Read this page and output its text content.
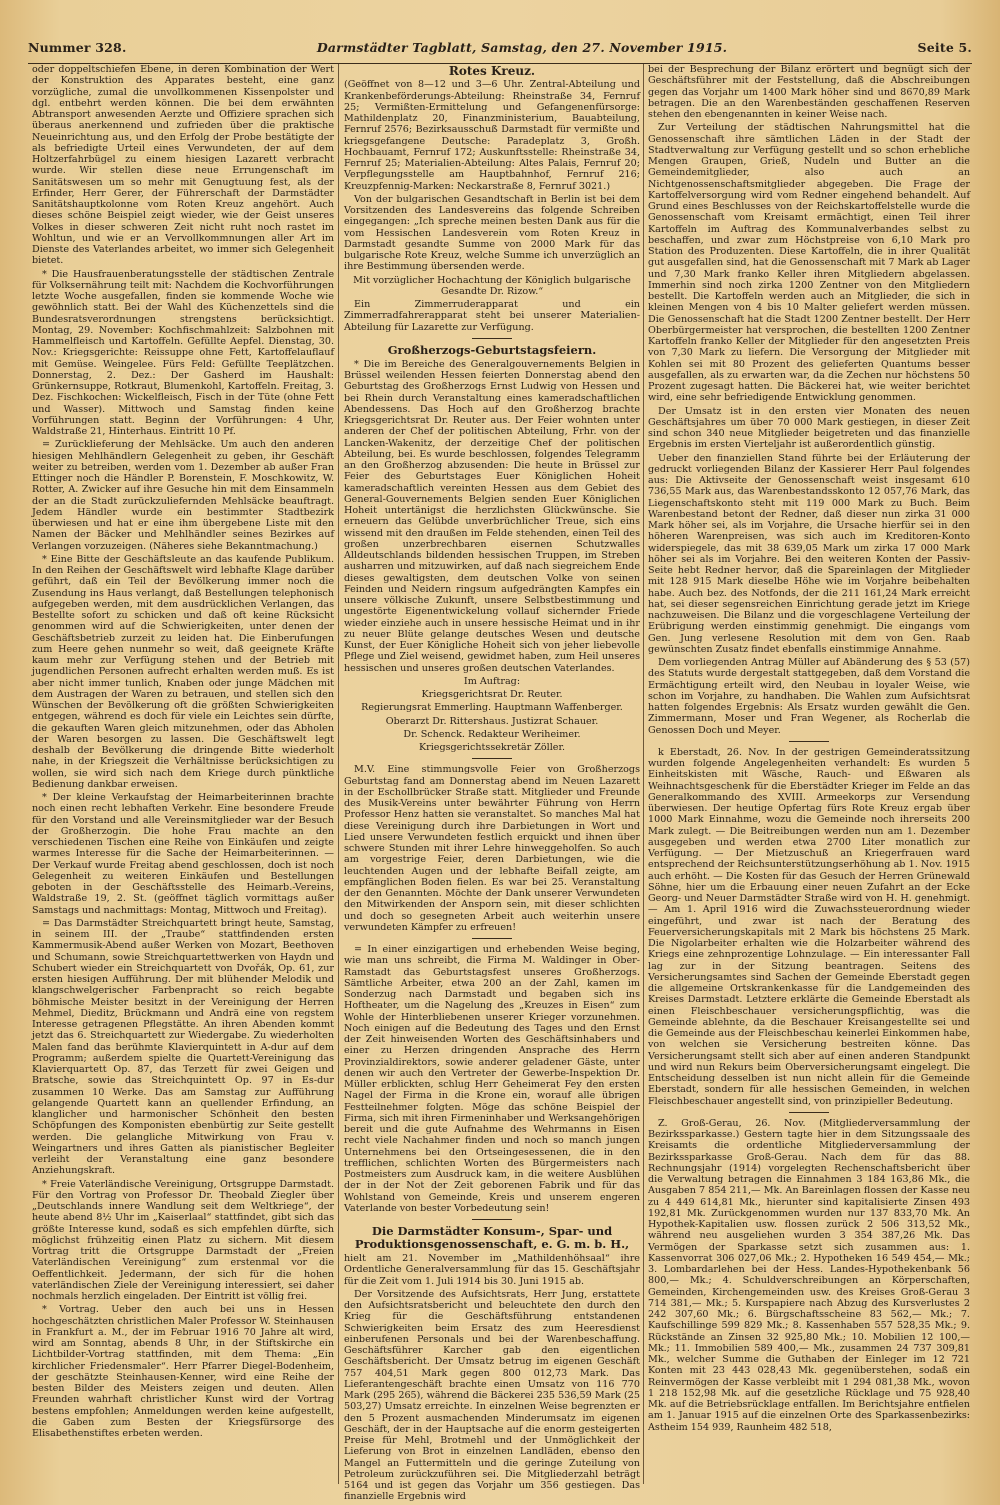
Nummer 328.	Darmstädter Tagblatt, Samstag, den 27. November 1915.	Seite 5.

oder doppeltschiefen Ebene, in deren Kombination der Wert der Konstruktion des Apparates besteht, eine ganz vorzügliche, zumal die unvollkommenen Kissenpolster und dgl. entbehrt werden können. Die bei dem erwähnten Abtransport anwesenden Aerzte und Offiziere sprachen sich überaus anerkennend und zufrieden über die praktische Neueinrichtung aus, und den Erfolg der Probe bestätigte der als befriedigte Urteil eines Verwundeten, der auf dem Holtzerfahrbügel zu einem hiesigen Lazarett verbracht wurde. Wir stellen diese neue Errungenschaft im Sanitätswesen um so mehr mit Genugtuung fest, als der Erfinder, Herr Gerer, der Führerschaft der Darmstädter Sanitätshauptkolonne vom Roten Kreuz angehört. Auch dieses schöne Beispiel zeigt wieder, wie der Geist unseres Volkes in dieser schweren Zeit nicht ruht noch rastet im Wohltun, und wie er an Vervollkommnungen aller Art im Dienste des Vaterlandes arbeitet, wo immer sich Gelegenheit bietet.

* Die Hausfrauenberatungsstelle der städtischen Zentrale für Volksernährung teilt mit: Nachdem die Kochvorführungen letzte Woche ausgefallen, finden sie kommende Woche wie gewöhnlich statt. Bei der Wahl des Küchenzettels sind die Bundesratsverordnungen strengstens berücksichtigt. Montag, 29. November: Kochfischmahlzeit: Salzbohnen mit Hammelfleisch und Kartoffeln. Gefüllte Aepfel. Dienstag, 30. Nov.: Kriegsgerichte: Reissuppe ohne Fett, Kartoffelauflauf mit Gemüse. Weingelee. Fürs Feld: Gefüllte Teeplätzchen. Donnerstag, 2. Dez.: Der Gasherd im Haushalt: Grünkernsuppe, Rotkraut, Blumenkohl, Kartoffeln. Freitag, 3. Dez. Fischkochen: Wickelfleisch, Fisch in der Tüte (ohne Fett und Wasser). Mittwoch und Samstag finden keine Vorführungen statt. Beginn der Vorführungen: 4 Uhr, Waldstraße 21, Hinterhaus. Eintritt 10 Pf.

= Zurücklieferung der Mehlsäcke. Um auch den anderen hiesigen Mehlhändlern Gelegenheit zu geben, ihr Geschäft weiter zu betreiben, werden vom 1. Dezember ab außer Fran Ettinger noch die Händler P. Borenstein, F. Moschkowitz, W. Rotter, A. Zwicker auf ihre Gesuche hin mit dem Einsammeln der an die Stadt zurückzuliefernden Mehlsäcke beauftragt. Jedem Händler wurde ein bestimmter Stadtbezirk überwiesen und hat er eine ihm übergebene Liste mit den Namen der Bäcker und Mehlhändler seines Bezirkes auf Verlangen vorzuzeigen. (Näheres siehe Bekanntmachung.)

* Eine Bitte der Geschäftsleute an das kaufende Publikum. In den Reihen der Geschäftswelt wird lebhafte Klage darüber geführt, daß ein Teil der Bevölkerung immer noch die Zusendung ins Haus verlangt, daß Bestellungen telephonisch aufgegeben werden, mit dem ausdrücklichen Verlangen, das Bestellte sofort zu schicken und daß oft keine Rücksicht genommen wird auf die Schwierigkeiten, unter denen der Geschäftsbetrieb zurzeit zu leiden hat. Die Einberufungen zum Heere gehen nunmehr so weit, daß geeignete Kräfte kaum mehr zur Verfügung stehen und der Betrieb mit jugendlichen Personen aufrecht erhalten werden muß. Es ist aber nicht immer tunlich, Knaben oder junge Mädchen mit dem Austragen der Waren zu betrauen, und stellen sich den Wünschen der Bevölkerung oft die größten Schwierigkeiten entgegen, während es doch für viele ein Leichtes sein dürfte, die gekauften Waren gleich mitzunehmen, oder das Abholen der Waren besorgen zu lassen. Die Geschäftswelt legt deshalb der Bevölkerung die dringende Bitte wiederholt nahe, in der Kriegszeit die Verhältnisse berücksichtigen zu wollen, sie wird sich nach dem Kriege durch pünktliche Bedienung dankbar erweisen.

* Der kleine Verkaufstag der Heimarbeiterinnen brachte noch einen recht lebhaften Verkehr. Eine besondere Freude für den Vorstand und alle Vereinsmitglieder war der Besuch der Großherzogin. Die hohe Frau machte an den verschiedenen Tischen eine Reihe von Einkäufen und zeigte warmes Interesse für die Sache der Heimarbeiterinnen. — Der Verkauf wurde Freitag abend geschlossen, doch ist noch Gelegenheit zu weiteren Einkäufen und Bestellungen geboten in der Geschäftsstelle des Heimarb.-Vereins, Waldstraße 19, 2. St. (geöffnet täglich vormittags außer Samstags und nachmittags: Montag, Mittwoch und Freitag).

= Das Darmstädter Streichquartett bringt heute, Samstag, in seinem III. der „Traube“ stattfindenden ersten Kammermusik-Abend außer Werken von Mozart, Beethoven und Schumann, sowie Streichquartettwerken von Haydn und Schubert wieder ein Streichquartett von Dvořák, Op. 61, zur ersten hiesigen Aufführung. Der mit blühender Melodik und klangschwelgerischer Farbenpracht so reich begabte böhmische Meister besitzt in der Vereinigung der Herren Mehmel, Dieditz, Brückmann und Andrä eine von regstem Interesse getragenen Pflegstätte. An ihren Abenden kommt jetzt das 6. Streichquartett zur Wiedergabe. Zu wiederholten Malen fand das berühmte Klavierquintett in A-dur auf dem Programm; außerdem spielte die Quartett-Vereinigung das Klavierquartett Op. 87, das Terzett für zwei Geigen und Bratsche, sowie das Streichquintett Op. 97 in Es-dur zusammen 10 Werke. Das am Samstag zur Aufführung gelangende Quartett kann an quellender Erfindung, an klanglicher und harmonischer Schönheit den besten Schöpfungen des Komponisten ebenbürtig zur Seite gestellt werden. Die gelangliche Mitwirkung von Frau v. Weingartners und ihres Gatten als pianistischer Begleiter verleiht der Veranstaltung eine ganz besondere Anziehungskraft.

* Freie Vaterländische Vereinigung, Ortsgruppe Darmstadt. Für den Vortrag von Professor Dr. Theobald Ziegler über „Deutschlands innere Wandlung seit dem Weltkriege“, der heute abend 8½ Uhr im „Kaiserlaal“ stattfindet, gibt sich das größte Interesse kund, sodaß es sich empfehlen dürfte, sich möglichst frühzeitig einen Platz zu sichern. Mit diesem Vortrag tritt die Ortsgruppe Darmstadt der „Freien Vaterländischen Vereinigung“ zum erstenmal vor die Oeffentlichkeit. Jedermann, der sich für die hohen vaterländischen Ziele der Vereinigung interessiert, sei daher nochmals herzlich eingeladen. Der Eintritt ist völlig frei.

* Vortrag. Ueber den auch bei uns in Hessen hochgeschätzten christlichen Maler Professor W. Steinhausen in Frankfurt a. M., der im Februar 1916 70 Jahre alt wird, wird am Sonntag, abends 8 Uhr, in der Stiftskirche ein Lichtbilder-Vortrag stattfinden, mit dem Thema: „Ein kirchlicher Friedensmaler“. Herr Pfarrer Diegel-Bodenheim, der geschätzte Steinhausen-Kenner, wird eine Reihe der besten Bilder des Meisters zeigen und deuten. Allen Freunden wahrhaft christlicher Kunst wird der Vortrag bestens empfohlen; Anmeldungen werden keine aufgestellt, die Gaben zum Besten der Kriegsfürsorge des Elisabethenstiftes erbeten werden.

Rotes Kreuz.

(Geöffnet von 8—12 und 3—6 Uhr. Zentral-Abteilung und Krankenbeförderungs-Abteilung: Rheinstraße 34, Fernruf 25; Vermißten-Ermittelung und Gefangenenfürsorge: Mathildenplatz 20, Finanzministerium, Bauabteilung, Fernruf 2576; Bezirksausschuß Darmstadt für vermißte und kriegsgefangene Deutsche: Paradeplatz 3, Großh. Hochbauamt, Fernruf 172; Auskunftsstelle: Rheinstraße 34, Fernruf 25; Materialien-Abteilung: Altes Palais, Fernruf 20; Verpflegungsstelle am Hauptbahnhof, Fernruf 216; Kreuzpfennig-Marken: Neckarstraße 8, Fernruf 3021.)

Von der bulgarischen Gesandtschaft in Berlin ist bei dem Vorsitzenden des Landesvereins das folgende Schreiben eingegangen: „Ich spreche meinen besten Dank aus für die vom Hessischen Landesverein vom Roten Kreuz in Darmstadt gesandte Summe von 2000 Mark für das bulgarische Rote Kreuz, welche Summe ich unverzüglich an ihre Bestimmung übersenden werde.

Mit vorzüglicher Hochachtung der Königlich bulgarische Gesandte Dr. Rizow.“

Ein Zimmerruderapparat und ein Zimmerradfahrerapparat steht bei unserer Materialien-Abteilung für Lazarette zur Verfügung.

Großherzogs-Geburtstagsfeiern.

* Die im Bereiche des Generalgouvernements Belgien in Brüssel weilenden Hessen feierten Donnerstag abend den Geburtstag des Großherzogs Ernst Ludwig von Hessen und bei Rhein durch Veranstaltung eines kameradschaftlichen Abendessens. Das Hoch auf den Großherzog brachte Kriegsgerichtsrat Dr. Reuter aus. Der Feier wohnten unter anderen der Chef der politischen Abteilung, Frhr. von der Lancken-Wakenitz, der derzeitige Chef der politischen Abteilung, bei. Es wurde beschlossen, folgendes Telegramm an den Großherzog abzusenden: Die heute in Brüssel zur Feier des Geburtstages Euer Königlichen Hoheit kameradschaftlich vereinten Hessen aus dem Gebiet des General-Gouvernements Belgien senden Euer Königlichen Hoheit untertänigst die herzlichsten Glückwünsche. Sie erneuern das Gelübde unverbrüchlicher Treue, sich eins wissend mit den draußen im Felde stehenden, einen Teil des großen unzerbrechbaren eisernen Schutzwalles Alldeutschlands bildenden hessischen Truppen, im Streben ausharren und mitzuwirken, auf daß nach siegreichem Ende dieses gewaltigsten, dem deutschen Volke von seinen Feinden und Neidern ringsum aufgedrängten Kampfes ein unsere völkische Zukunft, unsere Selbstbestimmung und ungestörte Eigenentwickelung vollauf sichernder Friede wieder einziehe auch in unsere hessische Heimat und in ihr zu neuer Blüte gelange deutsches Wesen und deutsche Kunst, der Euer Königliche Hoheit sich von jeher liebevolle Pflege und Ziel weisend, gewidmet haben, zum Heil unseres hessischen und unseres großen deutschen Vaterlandes.

Im Auftrag:

Kriegsgerichtsrat Dr. Reuter.

Regierungsrat Emmerling. Hauptmann Waffenberger.

Oberarzt Dr. Rittershaus. Justizrat Schauer.

Dr. Schenck. Redakteur Weriheimer.

Kriegsgerichtssekretär Zöller.

M.V. Eine stimmungsvolle Feier von Großherzogs Geburtstag fand am Donnerstag abend im Neuen Lazarett in der Eschollbrücker Straße statt. Mitglieder und Freunde des Musik-Vereins unter bewährter Führung von Herrn Professor Henz hatten sie veranstaltet. So manches Mal hat diese Vereinigung durch ihre Darbietungen in Wort und Lied unsere Verwundeten festlich erquickt und ihnen über schwere Stunden mit ihrer Lehre hinweggeholfen. So auch am vorgestrige Feier, deren Darbietungen, wie die leuchtenden Augen und der lebhafte Beifall zeigte, am empfänglichen Boden fielen. Es war bei 25. Veranstaltung der den Genannten. Möchte der Dank unserer Verwundeten den Mitwirkenden der Ansporn sein, mit dieser schlichten und doch so gesegneten Arbeit auch weiterhin unsere verwundeten Kämpfer zu erfreuen!

= In einer einzigartigen und erhebenden Weise beging, wie man uns schreibt, die Firma M. Waldinger in Ober-Ramstadt das Geburtstagsfest unseres Großherzogs. Sämtliche Arbeiter, etwa 200 an der Zahl, kamen im Sonderzug nach Darmstadt und begaben sich ins Hoftheater, um die Nagelung des „Kreuzes in Eisen“ zum Wohle der Hinterbliebenen unserer Krieger vorzunehmen. Noch einigen auf die Bedeutung des Tages und den Ernst der Zeit hinweisenden Worten des Geschäftsinhabers und einer zu Herzen dringenden Ansprache des Herrn Provinzialdirektors, sowie anderer geladener Gäste, unter denen wir auch den Vertreter der Gewerbe-Inspektion Dr. Müller erblickten, schlug Herr Geheimerat Fey den ersten Nagel der Firma in die Krone ein, worauf alle übrigen Festteilnehmer folgten. Möge das schöne Beispiel der Firma, sich mit ihren Firmeninhaber und Werksangehörigen bereit und die gute Aufnahme des Wehrmanns in Eisen recht viele Nachahmer finden und noch so manch jungen Unternehmens bei den Ortseingesessenen, die in den trefflichen, schlichten Worten des Bürgermeisters nach Postmeisters zum Ausdruck kam, in die weitere Ausblühen der in der Not der Zeit geborenen Fabrik und für das Wohlstand von Gemeinde, Kreis und unserem engeren Vaterlande von bester Vorbedeutung sein!

Die Darmstädter Konsum-, Spar- und Produktionsgenossenschaft, e. G. m. b. H.,

hielt am 21. November im „Mathildenhöhsaal“ ihre Ordentliche Generalversammlung für das 15. Geschäftsjahr für die Zeit vom 1. Juli 1914 bis 30. Juni 1915 ab.

Der Vorsitzende des Aufsichtsrats, Herr Jung, erstattete den Aufsichtsratsbericht und beleuchtete den durch den Krieg für die Geschäftsführung entstandenen Schwierigkeiten beim Ersatz des zum Heeresdienst einberufenen Personals und bei der Warenbeschaffung. Geschäftsführer Karcher gab den eigentlichen Geschäftsbericht. Der Umsatz betrug im eigenen Geschäft 757 404,51 Mark gegen 800 012,73 Mark. Das Lieferantengeschäft brachte einen Umsatz von 116 770 Mark (295 265), während die Bäckerei 235 536,59 Mark (25 503,27) Umsatz erreichte. In einzelnen Weise begrenzten er den 5 Prozent ausmachenden Minderumsatz im eigenen Geschäft, der in der Hauptsache auf die enorm gesteigerten Preise für Mehl, Brotmehl und der Unmöglichkeit der Lieferung von Brot in einzelnen Landläden, ebenso den Mangel an Futtermitteln und die geringe Zuteilung von Petroleum zurückzuführen sei. Die Mitgliederzahl beträgt 5164 und ist gegen das Vorjahr um 356 gestiegen. Das finanzielle Ergebnis wird

bei der Besprechung der Bilanz erörtert und begnügt sich der Geschäftsführer mit der Feststellung, daß die Abschreibungen gegen das Vorjahr um 1400 Mark höher sind und 8670,89 Mark betragen. Die an den Warenbeständen geschaffenen Reserven stehen den ebengenannten in keiner Weise nach.

Zur Verteilung der städtischen Nahrungsmittel hat die Genossenschaft ihre sämtlichen Läden in der Stadt der Stadtverwaltung zur Verfügung gestellt und so schon erhebliche Mengen Graupen, Grieß, Nudeln und Butter an die Gemeindemitglieder, also auch an Nichtgenossenschaftsmitglieder abgegeben. Die Frage der Kartoffelversorgung wird vom Redner eingehend behandelt. Auf Grund eines Beschlusses von der Reichskartoffelstelle wurde die Genossenschaft vom Kreisamt ermächtigt, einen Teil ihrer Kartoffeln im Auftrag des Kommunalverbandes selbst zu beschaffen, und zwar zum Höchstpreise von 6,10 Mark pro Station des Produzenten. Diese Kartoffeln, die in ihrer Qualität gut ausgefallen sind, hat die Genossenschaft mit 7 Mark ab Lager und 7,30 Mark franko Keller ihren Mitgliedern abgelassen. Immerhin sind noch zirka 1200 Zentner von den Mitgliedern bestellt. Die Kartoffeln werden auch an Mitglieder, die sich in kleinen Mengen von 4 bis 10 Malter geliefert werden müssen. Die Genossenschaft hat die Stadt 1200 Zentner bestellt. Der Herr Oberbürgermeister hat versprochen, die bestellten 1200 Zentner Kartoffeln franko Keller der Mitglieder für den angesetzten Preis von 7,30 Mark zu liefern. Die Versorgung der Mitglieder mit Kohlen sei mit 80 Prozent des gelieferten Quantums besser ausgefallen, als zu erwarten war, da die Zechen nur höchstens 50 Prozent zugesagt hatten. Die Bäckerei hat, wie weiter berichtet wird, eine sehr befriedigende Entwicklung genommen.

Der Umsatz ist in den ersten vier Monaten des neuen Geschäftsjahres um über 70 000 Mark gestiegen, in dieser Zeit sind schon 340 neue Mitglieder beigetreten und das finanzielle Ergebnis im ersten Vierteljahr ist außerordentlich günstig.

Ueber den finanziellen Stand führte bei der Erläuterung der gedruckt vorliegenden Bilanz der Kassierer Herr Paul folgendes aus: Die Aktivseite der Genossenschaft weist insgesamt 610 736,55 Mark aus, das Warenbestandsskonto 12 057,76 Mark, das Liegenschaftskonto steht mit 119 000 Mark zu Buch. Beim Warenbestand betont der Redner, daß dieser nun zirka 31 000 Mark höher sei, als im Vorjahre, die Ursache hierfür sei in den höheren Warenpreisen, was sich auch im Kreditoren-Konto widerspiegele, das mit 38 639,05 Mark um zirka 17 000 Mark höher sei als im Vorjahre. Bei den weiteren Konten der Passiv-Seite hebt Redner hervor, daß die Spareinlagen der Mitglieder mit 128 915 Mark dieselbe Höhe wie im Vorjahre beibehalten habe. Auch bez. des Notfonds, der die 211 161,24 Mark erreicht hat, sei dieser segensreichen Einrichtung gerade jetzt im Kriege nachzuweisen. Die Bilanz und die vorgeschlagene Verteilung der Erübrigung werden einstimmig genehmigt. Die eingangs vom Gen. Jung verlesene Resolution mit dem von Gen. Raab gewünschten Zusatz findet ebenfalls einstimmige Annahme.

Dem vorliegenden Antrag Müller auf Abänderung des § 53 (57) des Statuts wurde dergestalt stattgegeben, daß dem Vorstand die Ermächtigung erteilt wird, den Neubau in loyaler Weise, wie schon im Vorjahre, zu handhaben. Die Wahlen zum Aufsichtsrat hatten folgendes Ergebnis: Als Ersatz wurden gewählt die Gen. Zimmermann, Moser und Fran Wegener, als Rocherlab die Genossen Doch und Meyer.

k Eberstadt, 26. Nov. In der gestrigen Gemeinderatssitzung wurden folgende Angelegenheiten verhandelt: Es wurden 5 Einheitskisten mit Wäsche, Rauch- und Eßwaren als Weihnachtsgeschenk für die Eberstädter Krieger im Felde an das Generalkommando des XVIII. Armeekorps zur Versendung überwiesen. Der heutige Opfertag fürs Rote Kreuz ergab über 1000 Mark Einnahme, wozu die Gemeinde noch ihrerseits 200 Mark zulegt. — Die Beitreibungen werden nun am 1. Dezember ausgegeben und werden etwa 2700 Liter monatlich zur Verfügung. — Der Mietzuschuß an Kriegerfrauen ward entsprechend der Reichsunterstützungserhöhung ab 1. Nov. 1915 auch erhöht. — Die Kosten für das Gesuch der Herren Grünewald Söhne, hier um die Erbauung einer neuen Zufahrt an der Ecke Georg- und Neuer Darmstädter Straße wird von H. H. genehmigt. — Am 1. April 1916 wird die Zuwachssteuerordnung wieder eingeführt, und zwar ist nach der Beratung des Feuerversicherungskapitals mit 2 Mark bis höchstens 25 Mark. Die Nigolarbeiter erhalten wie die Holzarbeiter während des Kriegs eine zehnprozentige Lohnzulage. — Ein interessanter Fall lag zur in der Sitzung beantragen. Seitens des Versicherungsamtes sind Sachen der Gemeinde Eberstadt gegen die allgemeine Ortskrankenkasse für die Landgemeinden des Kreises Darmstadt. Letztere erklärte die Gemeinde Eberstadt als einen Fleischbeschauer versicherungspflichtig, was die Gemeinde ablehnte, da die Beschauer Kreisangestellte sei und die Gemeinde aus der Fleischbeschau keinerlei Einkommen habe, von welchen sie Versicherung bestreiten könne. Das Versicherungsamt stellt sich aber auf einen anderen Standpunkt und wird nun Rekurs beim Oberversicherungsamt eingelegt. Die Entscheidung desselben ist nun nicht allein für die Gemeinde Eberstadt, sondern für alle hessischen Gemeinden, in welchen Fleischbeschauer angestellt sind, von prinzipieller Bedeutung.

Z. Groß-Gerau, 26. Nov. (Mitgliederversammlung der Bezirkssparkasse.) Gestern tagte hier in dem Sitzungssaale des Kreisamts die ordentliche Mitgliederversammlung der Bezirkssparkasse Groß-Gerau. Nach dem für das 88. Rechnungsjahr (1914) vorgelegten Rechenschaftsbericht über die Verwaltung betragen die Einnahmen 3 184 163,86 Mk., die Ausgaben 7 854 211,— Mk. An Bareinlagen flossen der Kasse neu zu 4 449 614,81 Mk., hierunter sind kapitalisierte Zinsen 493 192,81 Mk. Zurückgenommen wurden nur 137 833,70 Mk. An Hypothek-Kapitalien usw. flossen zurück 2 506 313,52 Mk., während neu ausgeliehen wurden 3 354 387,26 Mk. Das Vermögen der Sparkasse setzt sich zusammen aus: 1. Kassenvorrat 306 027,06 Mk.; 2. Hypotheken 16 549 454,— Mk.; 3. Lombardarlehen bei der Hess. Landes-Hypothekenbank 56 800,— Mk.; 4. Schuldverschreibungen an Körperschaften, Gemeinden, Kirchengemeinden usw. des Kreises Groß-Gerau 3 714 381,— Mk.; 5. Kurspapiere nach Abzug des Kursverlustes 2 242 307,60 Mk.; 6. Bürgschaftsscheine 83 562,— Mk.; 7. Kaufschillinge 599 829 Mk.; 8. Kassenhaben 557 528,35 Mk.; 9. Rückstände an Zinsen 32 925,80 Mk.; 10. Mobilien 12 100,— Mk.; 11. Immobilien 589 400,— Mk., zusammen 24 737 309,81 Mk., welcher Summe die Guthaben der Einleger im 12 721 Konten mit 23 443 028,43 Mk. gegenüberstehen, sodaß ein Reinvermögen der Kasse verbleibt mit 1 294 081,38 Mk., wovon 1 218 152,98 Mk. auf die gesetzliche Rücklage und 75 928,40 Mk. auf die Betriebsrücklage entfallen. Im Berichtsjahre entfielen am 1. Januar 1915 auf die einzelnen Orte des Sparkassenbezirks: Astheim 154 939, Raunheim 482 518,
